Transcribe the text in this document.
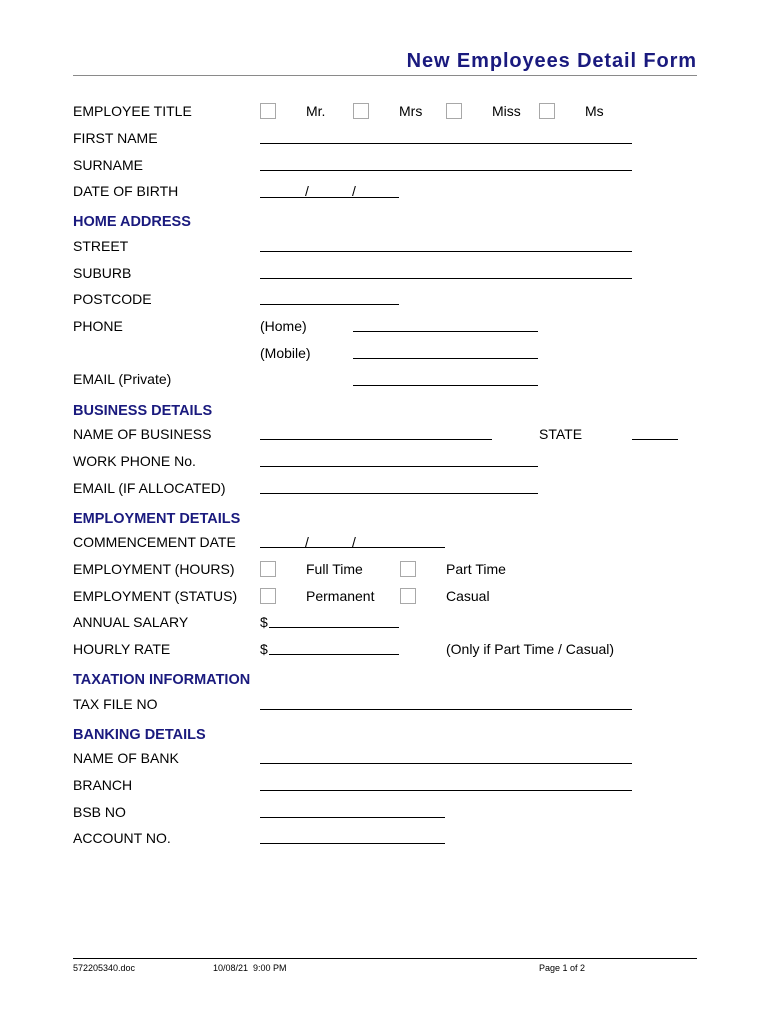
New Employees Detail Form
EMPLOYEE TITLE	Mr.	Mrs	Miss	Ms
FIRST NAME
SURNAME
DATE OF BIRTH	/	/
HOME ADDRESS
STREET
SUBURB
POSTCODE
PHONE	(Home)
(Mobile)
EMAIL (Private)
BUSINESS DETAILS
NAME OF BUSINESS	STATE
WORK PHONE No.
EMAIL (IF ALLOCATED)
EMPLOYMENT DETAILS
COMMENCEMENT DATE	/	/
EMPLOYMENT (HOURS)	Full Time	Part Time
EMPLOYMENT (STATUS)	Permanent	Casual
ANNUAL SALARY	$
HOURLY RATE	$	(Only if Part Time / Casual)
TAXATION INFORMATION
TAX FILE NO
BANKING DETAILS
NAME OF BANK
BRANCH
BSB NO
ACCOUNT NO.
572205340.doc	10/08/21  9:00 PM	Page 1 of 2
